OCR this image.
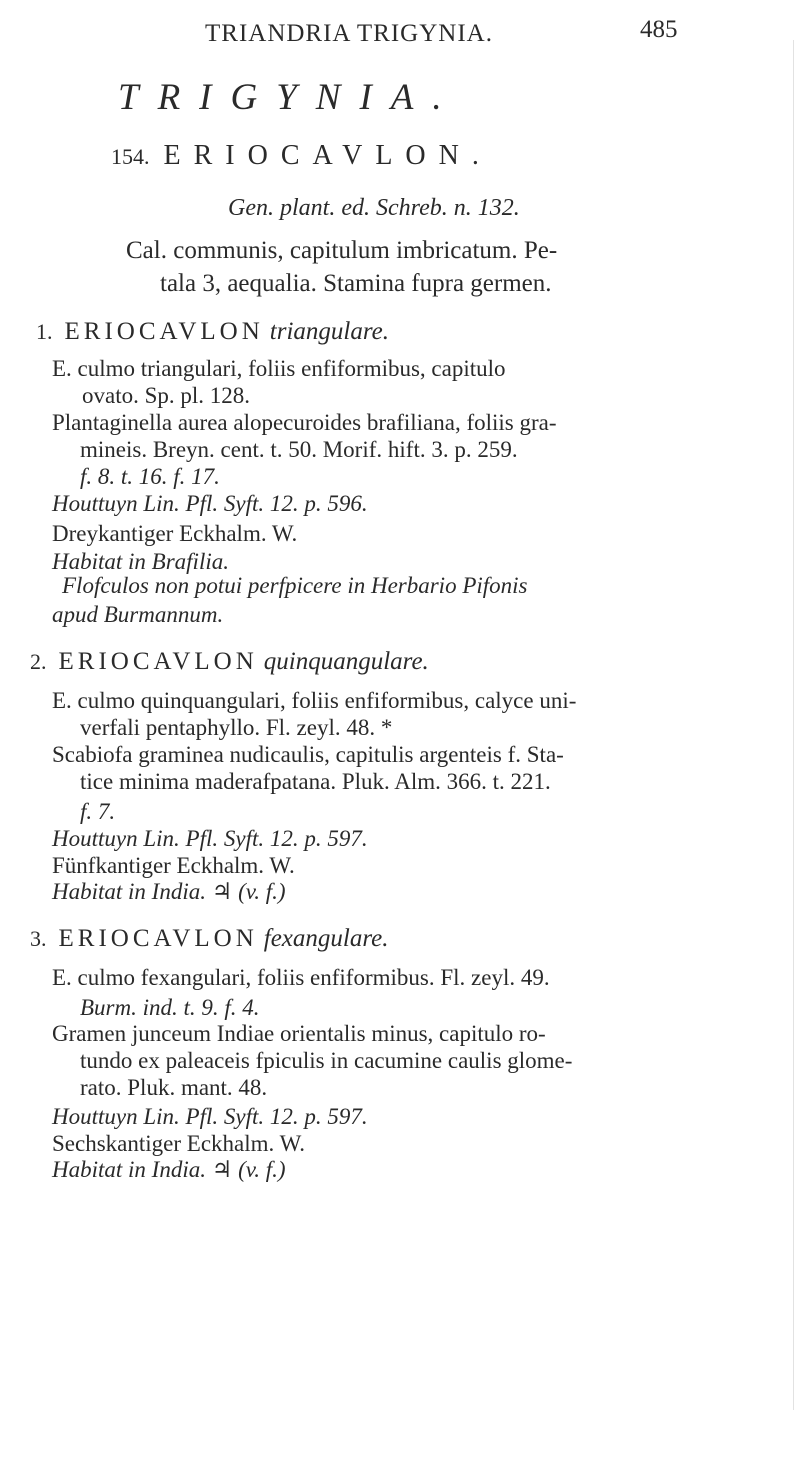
TRIANDRIA TRIGYNIA.	485
TRIGYNIA.
154. ERIOCAVLON.
Gen. plant. ed. Schreb. n. 132.
Cal. communis, capitulum imbricatum. Pe-
tala 3, aequalia. Stamina fupra germen.
1. ERIOCAVLON triangulare.
E. culmo triangulari, foliis enfiformibus, capitulo
ovato. Sp. pl. 128.
Plantaginella aurea alopecuroides brafiliana, foliis gra-
mineis. Breyn. cent. t. 50. Morif. hift. 3. p. 259.
f. 8. t. 16. f. 17.
Houttuyn Lin. Pfl. Syft. 12. p. 596.
Dreykantiger Eckhalm. W.
Habitat in Brafilia.
Flofculos non potui perfpicere in Herbario Pifonis
apud Burmannum.
2. ERIOCAVLON quinquangulare.
E. culmo quinquangulari, foliis enfiformibus, calyce uni-
verfali pentaphyllo. Fl. zeyl. 48. *
Scabiofa graminea nudicaulis, capitulis argenteis f. Sta-
tice minima maderafpatana. Pluk. Alm. 366. t. 221.
f. 7.
Houttuyn Lin. Pfl. Syft. 12. p. 597.
Fünfkantiger Eckhalm. W.
Habitat in India. ♃ (v. f.)
3. ERIOCAVLON fexangulare.
E. culmo fexangulari, foliis enfiformibus. Fl. zeyl. 49.
Burm. ind. t. 9. f. 4.
Gramen junceum Indiae orientalis minus, capitulo ro-
tundo ex paleaceis fpiculis in cacumine caulis glome-
rato. Pluk. mant. 48.
Houttuyn Lin. Pfl. Syft. 12. p. 597.
Sechskantiger Eckhalm. W.
Habitat in India. ♃ (v. f.)
